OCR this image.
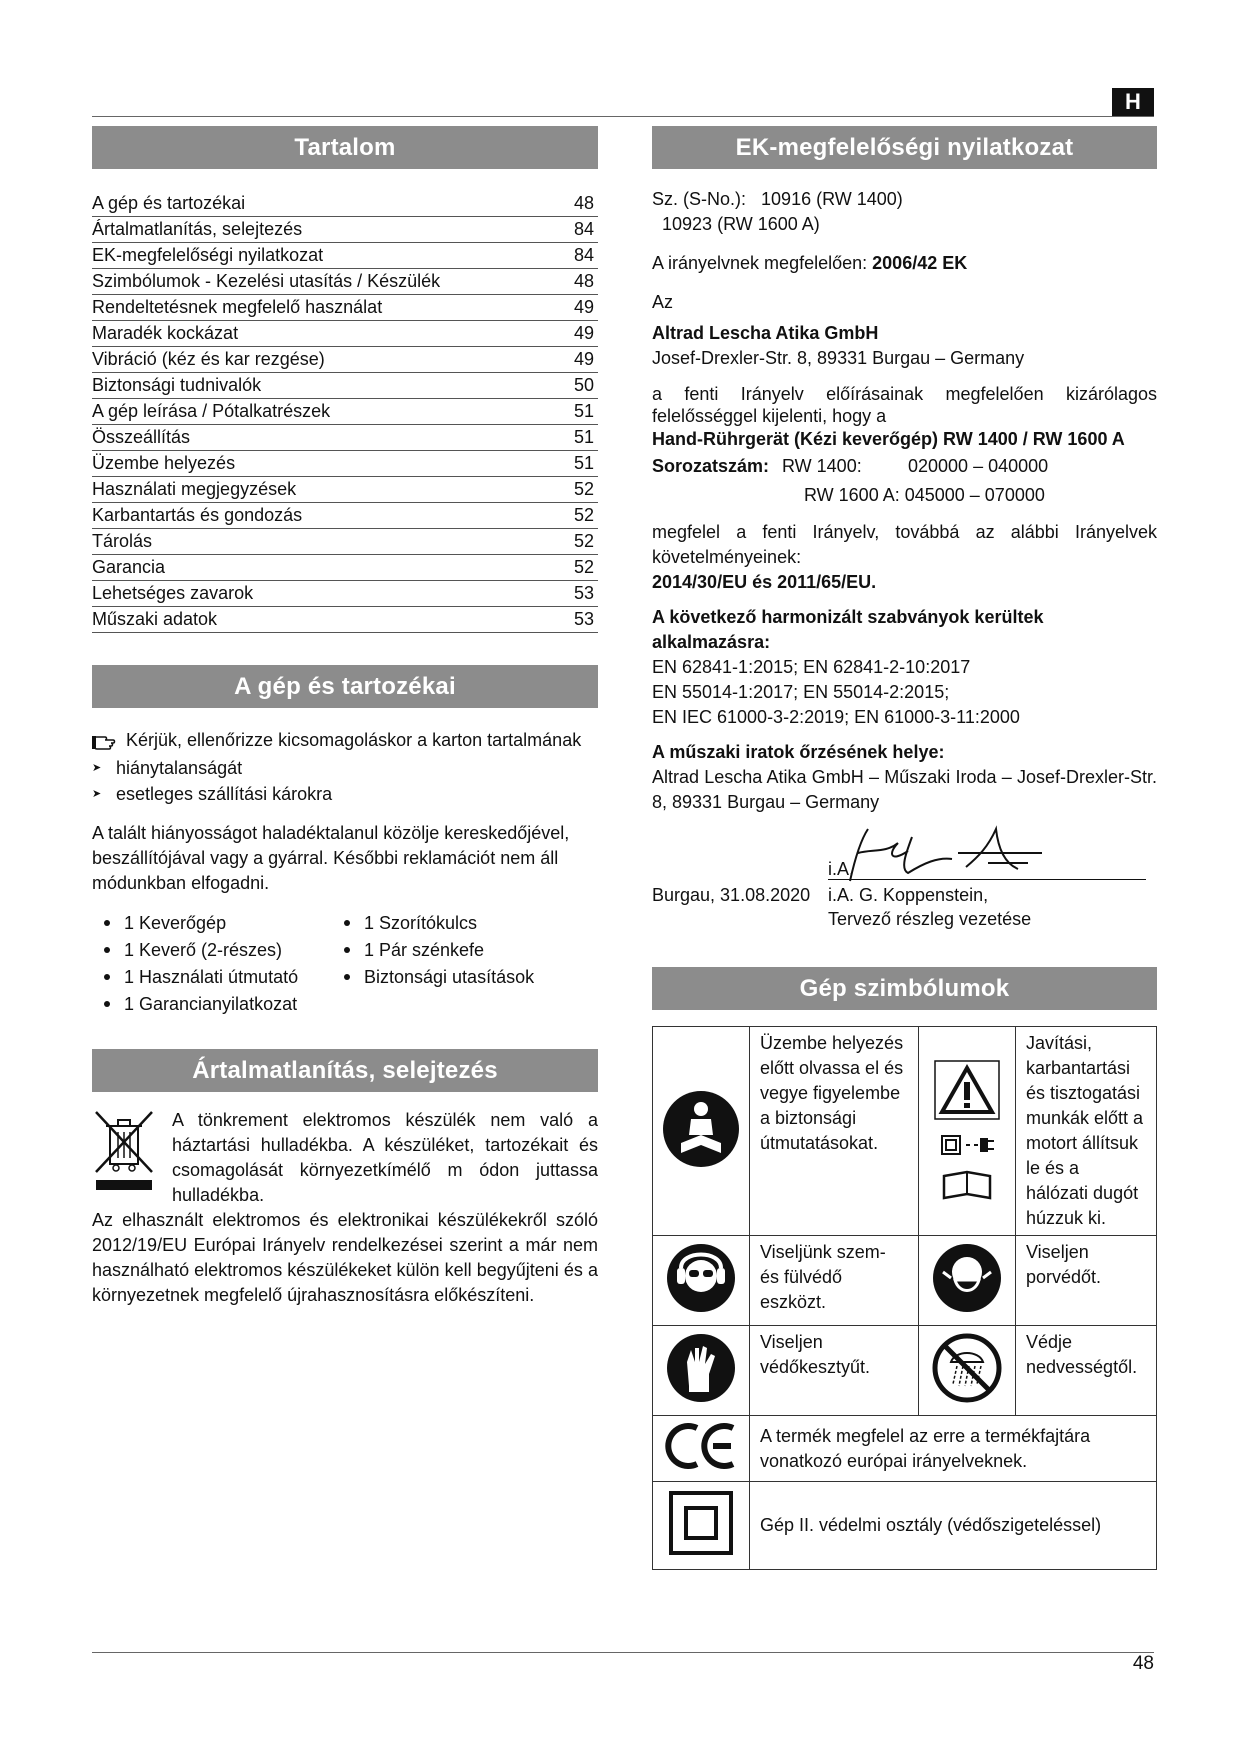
H
Tartalom
A gép és tartozékai	48
Ártalmatlanítás, selejtezés	84
EK-megfelelőségi nyilatkozat	84
Szimbólumok - Kezelési utasítás / Készülék	48
Rendeltetésnek megfelelő használat	49
Maradék kockázat	49
Vibráció (kéz és kar rezgése)	49
Biztonsági tudnivalók	50
A gép leírása / Pótalkatrészek	51
Összeállítás	51
Üzembe helyezés	51
Használati megjegyzések	52
Karbantartás és gondozás	52
Tárolás	52
Garancia	52
Lehetséges zavarok	53
Műszaki adatok	53
A gép és tartozékai
Kérjük, ellenőrizze kicsomagoláskor a karton tartalmának
➤ hiánytalanságát
➤ esetleges szállítási károkra

A talált hiányosságot haladéktalanul közölje kereskedőjével, beszállítójával vagy a gyárral. Későbbi reklamációt nem áll módunkban elfogadni.

1 Keverőgép	1 Szorítókulcs
1 Keverő (2-részes)	1 Pár szénkefe
1 Használati útmutató	Biztonsági utasítások
1 Garancianyilatkozat
Ártalmatlanítás, selejtezés

A tönkrement elektromos készülék nem való a háztartási hulladékba. A készüléket, tartozékait és csomagolását környezetkímélő m ódon juttassa hulladékba.

Az elhasznált elektromos és elektronikai készülékekről szóló 2012/19/EU Európai Irányelv rendelkezései szerint a már nem használható elektromos készülékeket külön kell begyűjteni és a környezetnek megfelelő újrahasznosításra előkészíteni.

EK-megfelelőségi nyilatkozat

Sz. (S-No.): 10916 (RW 1400)
10923 (RW 1600 A)

A irányelvnek megfelelően: 2006/42 EK

Az

Altrad Lescha Atika GmbH

Josef-Drexler-Str. 8, 89331 Burgau – Germany

a fenti Irányelv előírásainak megfelelően kizárólagos felelősséggel kijelenti, hogy a

Hand-Rührgerät (Kézi keverőgép) RW 1400 / RW 1600 A

Sorozatszám: RW 1400:	020000 – 040000

RW 1600 A: 045000 – 070000

megfelel a fenti Irányelv, továbbá az alábbi Irányelvek követelményeinek:

2014/30/EU és 2011/65/EU.

A következő harmonizált szabványok kerültek alkalmazásra:

EN 62841-1:2015; EN 62841-2-10:2017

EN 55014-1:2017; EN 55014-2:2015;

EN IEC 61000-3-2:2019; EN 61000-3-11:2000

A műszaki iratok őrzésének helye:

Altrad Lescha Atika GmbH – Műszaki Iroda – Josef-Drexler-Str. 8, 89331 Burgau – Germany

i.A.
Burgau, 31.08.2020 i.A. G. Koppenstein,
Tervező részleg vezetése
Gép szimbólumok
	Üzembe helyezés előtt olvassa el és vegye figyelembe a biztonsági útmutatásokat.		Javítási, karbantartási és tisztogatási munkák előtt a motort állítsuk le és a hálózati dugót húzzuk ki.
	Viseljünk szem- és fülvédő eszközt.		Viseljen porvédőt.
	Viseljen védőkesztyűt.		Védje nedvességtől.
	A termék megfelel az erre a termékfajtára vonatkozó európai irányelveknek.		
	Gép II. védelmi osztály (védőszigeteléssel)		
48
